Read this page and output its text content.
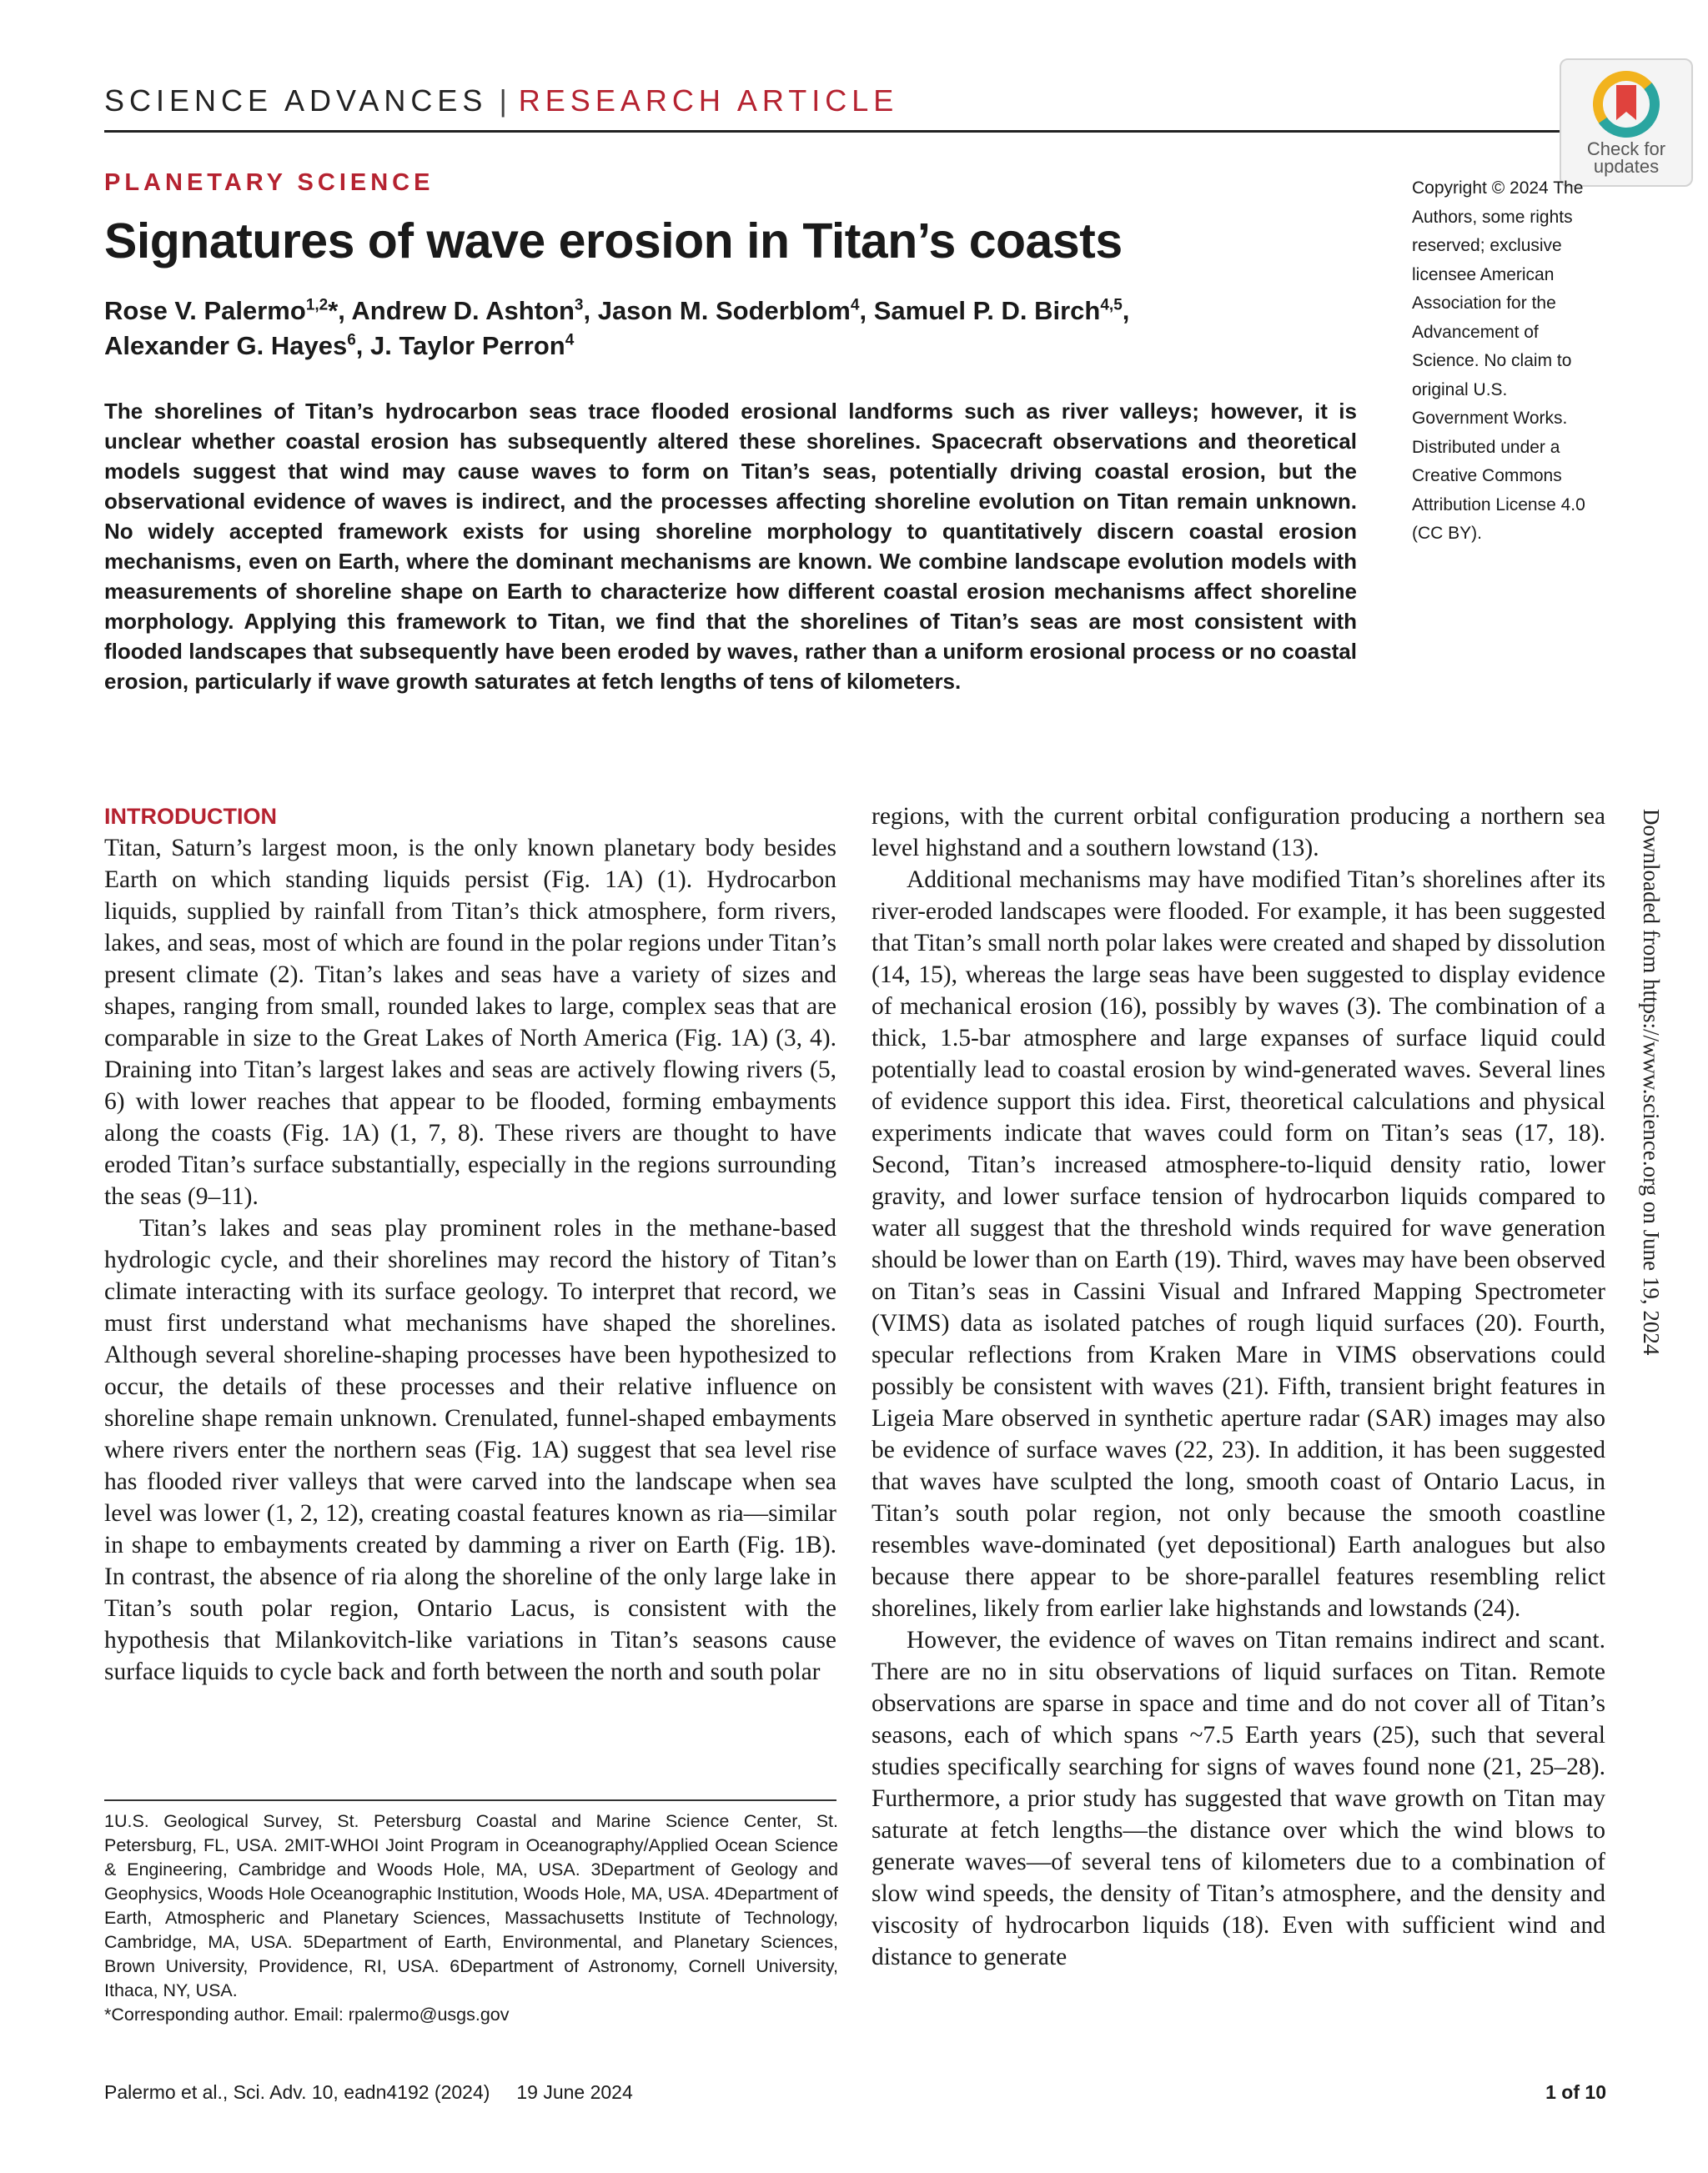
SCIENCE ADVANCES | RESEARCH ARTICLE
Check for
updates
PLANETARY SCIENCE
Signatures of wave erosion in Titan’s coasts
Rose V. Palermo$^{1,2}$*, Andrew D. Ashton$^3$, Jason M. Soderblom$^4$, Samuel P. D. Birch$^{4,5}$,
Alexander G. Hayes$^6$, J. Taylor Perron$^4$
Copyright © 2024 The Authors, some rights reserved; exclusive licensee American Association for the Advancement of Science. No claim to original U.S. Government Works. Distributed under a Creative Commons Attribution License 4.0 (CC BY).
The shorelines of Titan’s hydrocarbon seas trace flooded erosional landforms such as river valleys; however, it is unclear whether coastal erosion has subsequently altered these shorelines. Spacecraft observations and theoretical models suggest that wind may cause waves to form on Titan’s seas, potentially driving coastal erosion, but the observational evidence of waves is indirect, and the processes affecting shoreline evolution on Titan remain unknown. No widely accepted framework exists for using shoreline morphology to quantitatively discern coastal erosion mechanisms, even on Earth, where the dominant mechanisms are known. We combine landscape evolution models with measurements of shoreline shape on Earth to characterize how different coastal erosion mechanisms affect shoreline morphology. Applying this framework to Titan, we find that the shorelines of Titan’s seas are most consistent with flooded landscapes that subsequently have been eroded by waves, rather than a uniform erosional process or no coastal erosion, particularly if wave growth saturates at fetch lengths of tens of kilometers.

INTRODUCTION

Titan, Saturn’s largest moon, is the only known planetary body besides Earth on which standing liquids persist (Fig. 1A) (1). Hydrocarbon liquids, supplied by rainfall from Titan’s thick atmosphere, form rivers, lakes, and seas, most of which are found in the polar regions under Titan’s present climate (2). Titan’s lakes and seas have a variety of sizes and shapes, ranging from small, rounded lakes to large, complex seas that are comparable in size to the Great Lakes of North America (Fig. 1A) (3, 4). Draining into Titan’s largest lakes and seas are actively flowing rivers (5, 6) with lower reaches that appear to be flooded, forming embayments along the coasts (Fig. 1A) (1, 7, 8). These rivers are thought to have eroded Titan’s surface substantially, especially in the regions surrounding the seas (9–11).

Titan’s lakes and seas play prominent roles in the methane-based hydrologic cycle, and their shorelines may record the history of Titan’s climate interacting with its surface geology. To interpret that record, we must first understand what mechanisms have shaped the shorelines. Although several shoreline-shaping processes have been hypothesized to occur, the details of these processes and their relative influence on shoreline shape remain unknown. Crenulated, funnel-shaped embayments where rivers enter the northern seas (Fig. 1A) suggest that sea level rise has flooded river valleys that were carved into the landscape when sea level was lower (1, 2, 12), creating coastal features known as ria—similar in shape to embayments created by damming a river on Earth (Fig. 1B). In contrast, the absence of ria along the shoreline of the only large lake in Titan’s south polar region, Ontario Lacus, is consistent with the hypothesis that Milankovitch-like variations in Titan’s seasons cause surface liquids to cycle back and forth between the north and south polar

regions, with the current orbital configuration producing a northern sea level highstand and a southern lowstand (13).

Additional mechanisms may have modified Titan’s shorelines after its river-eroded landscapes were flooded. For example, it has been suggested that Titan’s small north polar lakes were created and shaped by dissolution (14, 15), whereas the large seas have been suggested to display evidence of mechanical erosion (16), possibly by waves (3). The combination of a thick, 1.5-bar atmosphere and large expanses of surface liquid could potentially lead to coastal erosion by wind-generated waves. Several lines of evidence support this idea. First, theoretical calculations and physical experiments indicate that waves could form on Titan’s seas (17, 18). Second, Titan’s increased atmosphere-to-liquid density ratio, lower gravity, and lower surface tension of hydrocarbon liquids compared to water all suggest that the threshold winds required for wave generation should be lower than on Earth (19). Third, waves may have been observed on Titan’s seas in Cassini Visual and Infrared Mapping Spectrometer (VIMS) data as isolated patches of rough liquid surfaces (20). Fourth, specular reflections from Kraken Mare in VIMS observations could possibly be consistent with waves (21). Fifth, transient bright features in Ligeia Mare observed in synthetic aperture radar (SAR) images may also be evidence of surface waves (22, 23). In addition, it has been suggested that waves have sculpted the long, smooth coast of Ontario Lacus, in Titan’s south polar region, not only because the smooth coastline resembles wave-dominated (yet depositional) Earth analogues but also because there appear to be shore-parallel features resembling relict shorelines, likely from earlier lake highstands and lowstands (24).

However, the evidence of waves on Titan remains indirect and scant. There are no in situ observations of liquid surfaces on Titan. Remote observations are sparse in space and time and do not cover all of Titan’s seasons, each of which spans ~7.5 Earth years (25), such that several studies specifically searching for signs of waves found none (21, 25–28). Furthermore, a prior study has suggested that wave growth on Titan may saturate at fetch lengths—the distance over which the wind blows to generate waves—of several tens of kilometers due to a combination of slow wind speeds, the density of Titan’s atmosphere, and the density and viscosity of hydrocarbon liquids (18). Even with sufficient wind and distance to generate

1U.S. Geological Survey, St. Petersburg Coastal and Marine Science Center, St. Petersburg, FL, USA. 2MIT-WHOI Joint Program in Oceanography/Applied Ocean Science & Engineering, Cambridge and Woods Hole, MA, USA. 3Department of Geology and Geophysics, Woods Hole Oceanographic Institution, Woods Hole, MA, USA. 4Department of Earth, Atmospheric and Planetary Sciences, Massachusetts Institute of Technology, Cambridge, MA, USA. 5Department of Earth, Environmental, and Planetary Sciences, Brown University, Providence, RI, USA. 6Department of Astronomy, Cornell University, Ithaca, NY, USA.

*Corresponding author. Email: rpalermo@usgs.gov

Palermo et al., Sci. Adv. 10, eadn4192 (2024)     19 June 2024	1 of 10
Downloaded from https://www.science.org on June 19, 2024
